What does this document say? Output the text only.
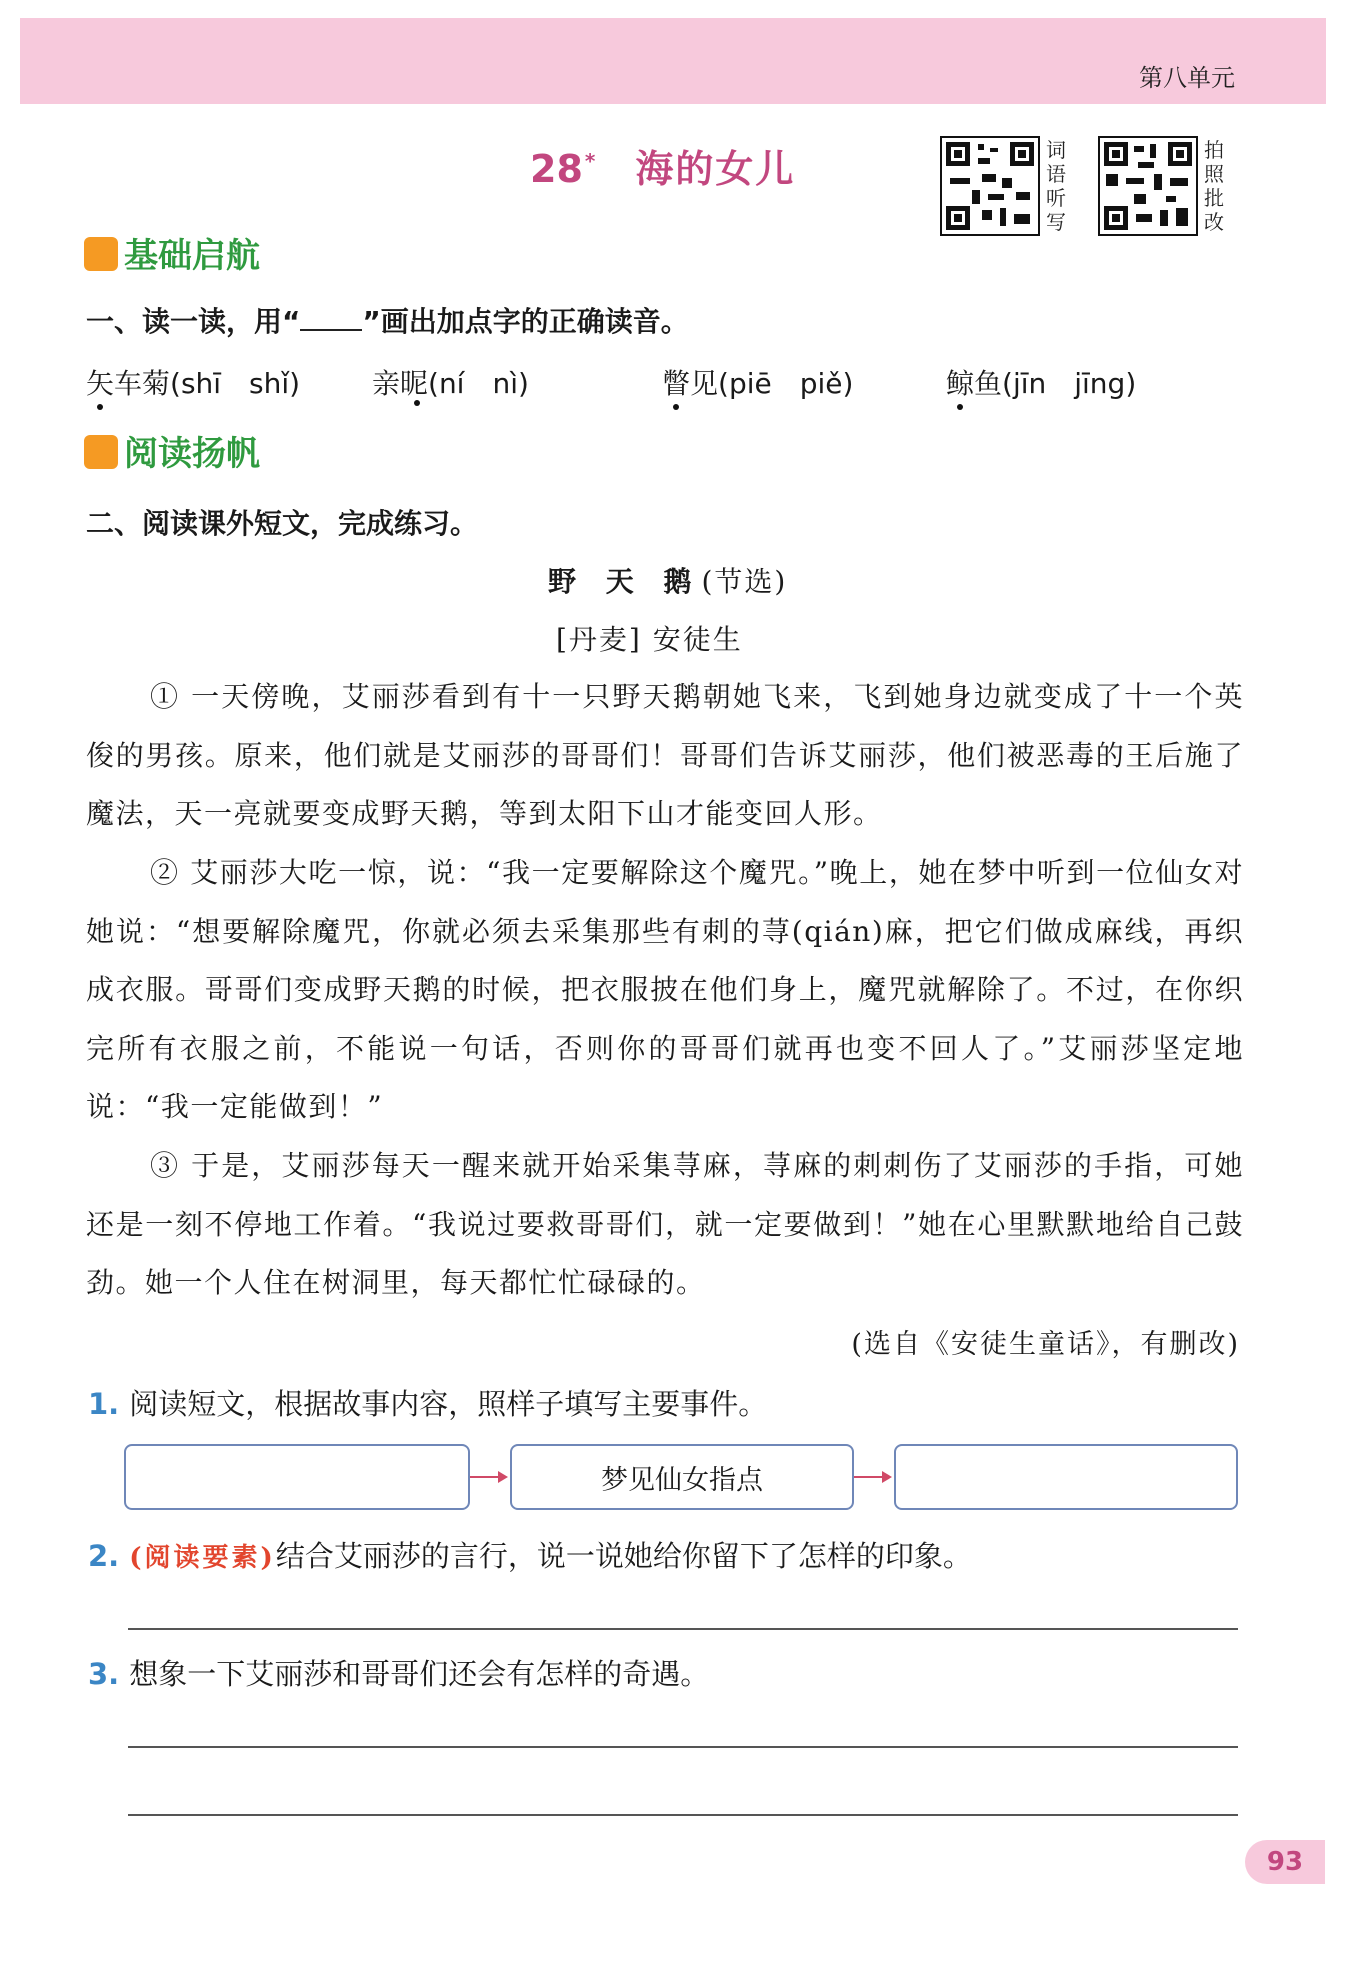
第八单元
28 * 海的女儿	词语听写
拍照批改
基础启航
一、读一读，用“ ”画出加点字的正确读音。
矢车菊(shī　shǐ)	亲昵(ní　nì)	瞥见(piē　piě)	鲸鱼(jīn　jīng)
阅读扬帆
二、阅读课外短文，完成练习。
野 天 鹅(节选)
[丹麦] 安徒生
① 一天傍晚，艾丽莎看到有十一只野天鹅朝她飞来，飞到她身边就变成了十一个英俊的男孩。原来，他们就是艾丽莎的哥哥们！哥哥们告诉艾丽莎，他们被恶毒的王后施了魔法，天一亮就要变成野天鹅，等到太阳下山才能变回人形。
② 艾丽莎大吃一惊，说：“我一定要解除这个魔咒。”晚上，她在梦中听到一位仙女对她说：“想要解除魔咒，你就必须去采集那些有刺的荨(qián)麻，把它们做成麻线，再织成衣服。哥哥们变成野天鹅的时候，把衣服披在他们身上，魔咒就解除了。不过，在你织完所有衣服之前，不能说一句话，否则你的哥哥们就再也变不回人了。”艾丽莎坚定地说：“我一定能做到！”
③ 于是，艾丽莎每天一醒来就开始采集荨麻，荨麻的刺刺伤了艾丽莎的手指，可她还是一刻不停地工作着。“我说过要救哥哥们，就一定要做到！”她在心里默默地给自己鼓劲。她一个人住在树洞里，每天都忙忙碌碌的。
(选自《安徒生童话》，有删改)
1. 阅读短文，根据故事内容，照样子填写主要事件。
梦见仙女指点
2. (阅读要素)结合艾丽莎的言行，说一说她给你留下了怎样的印象。
3. 想象一下艾丽莎和哥哥们还会有怎样的奇遇。
93
